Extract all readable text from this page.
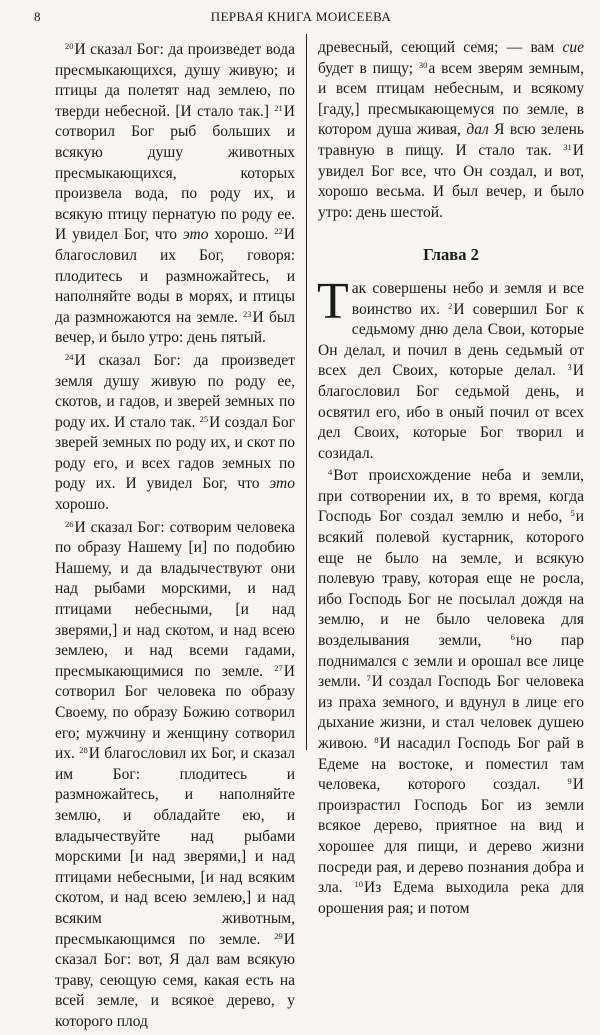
8	ПЕРВАЯ КНИГА МОИСЕЕВА

$^{20}$И сказал Бог: да произведет вода пресмыкающихся, душу живую; и птицы да полетят над землею, по тверди небесной. [И стало так.] $^{21}$И сотворил Бог рыб больших и всякую душу животных пресмыкающихся, которых произвела вода, по роду их, и всякую птицу пернатую по роду ее. И увидел Бог, что это хорошо. $^{22}$И благословил их Бог, говоря: плодитесь и размножайтесь, и наполняйте воды в морях, и птицы да размножаются на земле. $^{23}$И был вечер, и было утро: день пятый.

$^{24}$И сказал Бог: да произведет земля душу живую по роду ее, скотов, и гадов, и зверей земных по роду их. И стало так. $^{25}$И создал Бог зверей земных по роду их, и скот по роду его, и всех гадов земных по роду их. И увидел Бог, что это хорошо.

$^{26}$И сказал Бог: сотворим человека по образу Нашему [и] по подобию Нашему, и да владычествуют они над рыбами морскими, и над птицами небесными, [и над зверями,] и над скотом, и над всею землею, и над всеми гадами, пресмыкающимися по земле. $^{27}$И сотворил Бог человека по образу Своему, по образу Божию сотворил его; мужчину и женщину сотворил их. $^{28}$И благословил их Бог, и сказал им Бог: плодитесь и размножайтесь, и наполняйте землю, и обладайте ею, и владычествуйте над рыбами морскими [и над зверями,] и над птицами небесными, [и над всяким скотом, и над всею землею,] и над всяким животным, пресмыкающимся по земле. $^{29}$И сказал Бог: вот, Я дал вам всякую траву, сеющую семя, какая есть на всей земле, и всякое дерево, у которого плод

древесный, сеющий семя; — вам сие будет в пищу; $^{30}$а всем зверям земным, и всем птицам небесным, и всякому [гаду,] пресмыкающемуся по земле, в котором душа живая, дал Я всю зелень травную в пищу. И стало так. $^{31}$И увидел Бог все, что Он создал, и вот, хорошо весьма. И был вечер, и было утро: день шестой.

Глава 2

Т ак совершены небо и земля и все воинство их. $^2$И совершил Бог к седьмому дню дела Свои, которые Он делал, и почил в день седьмый от всех дел Своих, которые делал. $^3$И благословил Бог седьмой день, и освятил его, ибо в оный почил от всех дел Своих, которые Бог творил и созидал.

$^4$Вот происхождение неба и земли, при сотворении их, в то время, когда Господь Бог создал землю и небо, $^5$и всякий полевой кустарник, которого еще не было на земле, и всякую полевую траву, которая еще не росла, ибо Господь Бог не посылал дождя на землю, и не было человека для возделывания земли, $^6$но пар поднимался с земли и орошал все лице земли. $^7$И создал Господь Бог человека из праха земного, и вдунул в лице его дыхание жизни, и стал человек душею живою. $^8$И насадил Господь Бог рай в Едеме на востоке, и поместил там человека, которого создал. $^9$И произрастил Господь Бог из земли всякое дерево, приятное на вид и хорошее для пищи, и дерево жизни посреди рая, и дерево познания добра и зла. $^{10}$Из Едема выходила река для орошения рая; и потом
